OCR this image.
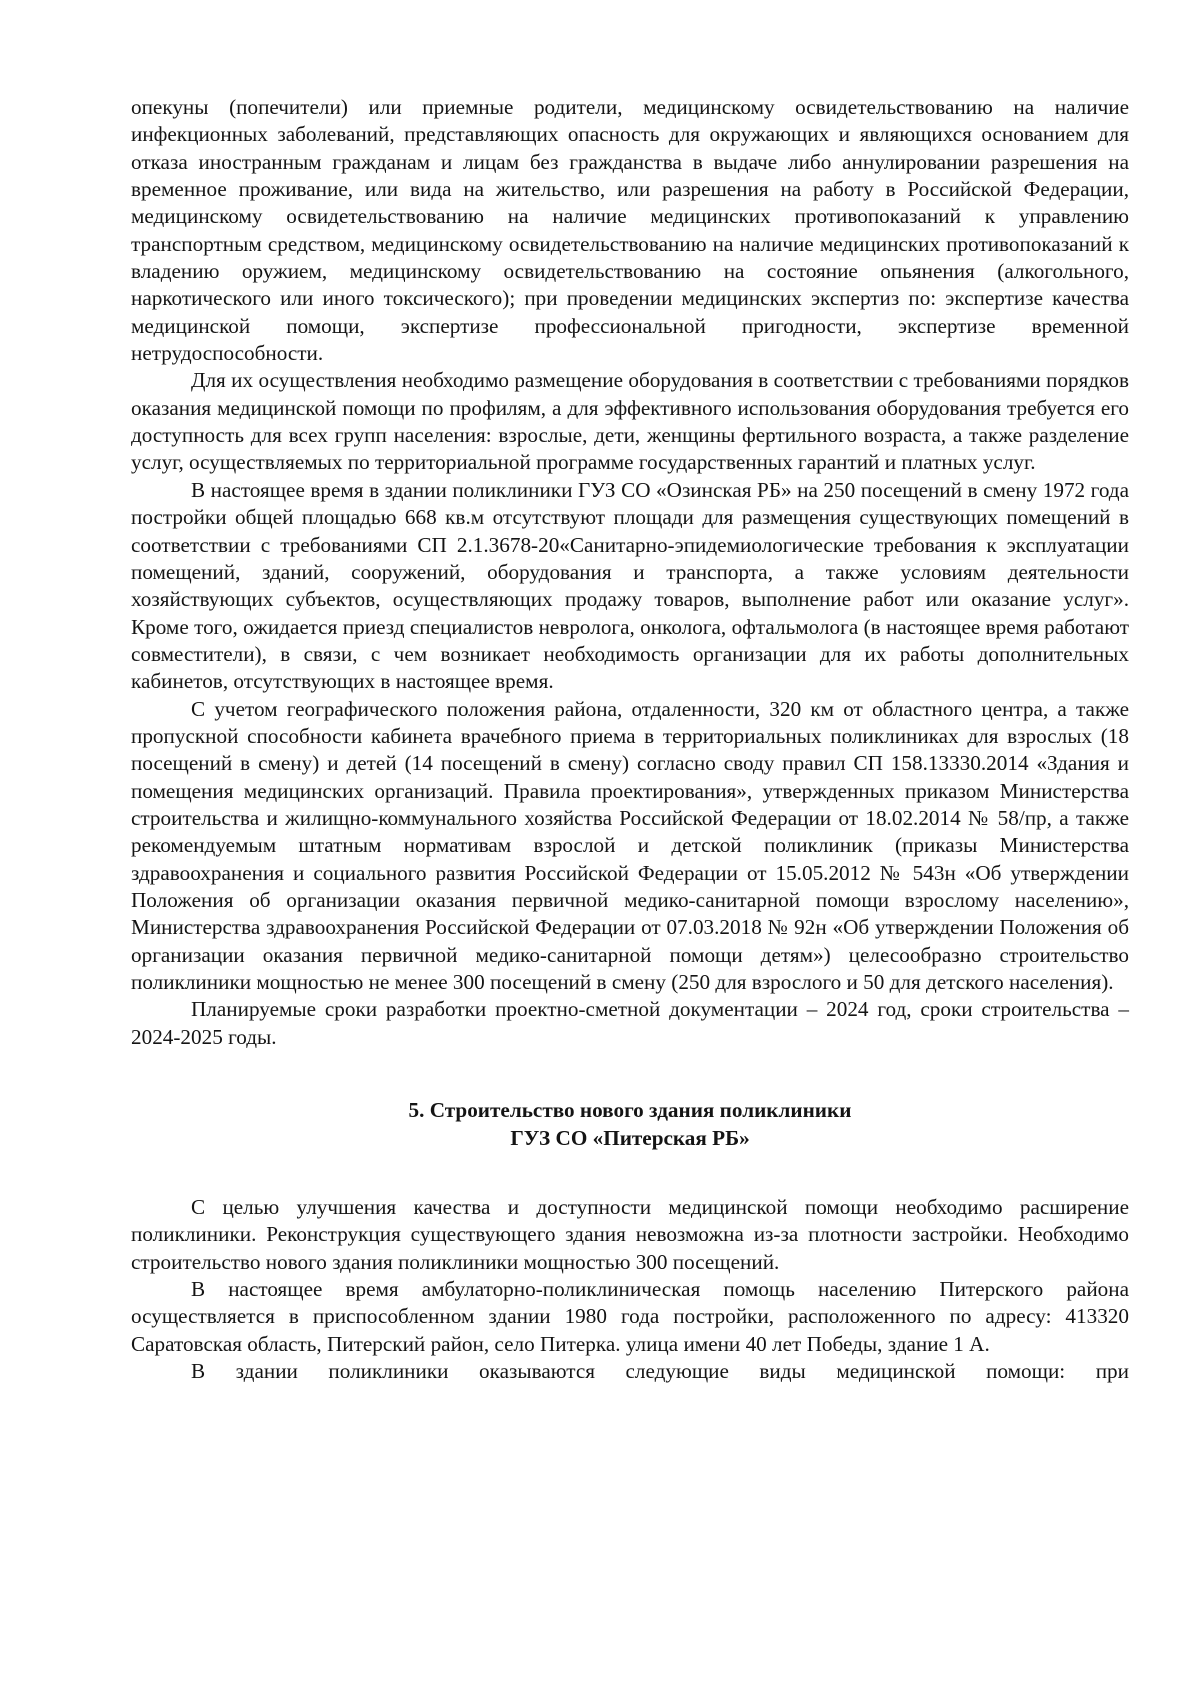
опекуны (попечители) или приемные родители, медицинскому освидетельствованию на наличие инфекционных заболеваний, представляющих опасность для окружающих и являющихся основанием для отказа иностранным гражданам и лицам без гражданства в выдаче либо аннулировании разрешения на временное проживание, или вида на жительство, или разрешения на работу в Российской Федерации, медицинскому освидетельствованию на наличие медицинских противопоказаний к управлению транспортным средством, медицинскому освидетельствованию на наличие медицинских противопоказаний к владению оружием, медицинскому освидетельствованию на состояние опьянения (алкогольного, наркотического или иного токсического); при проведении медицинских экспертиз по: экспертизе качества медицинской помощи, экспертизе профессиональной пригодности, экспертизе временной нетрудоспособности.

Для их осуществления необходимо размещение оборудования в соответствии с требованиями порядков оказания медицинской помощи по профилям, а для эффективного использования оборудования требуется его доступность для всех групп населения: взрослые, дети, женщины фертильного возраста, а также разделение услуг, осуществляемых по территориальной программе государственных гарантий и платных услуг.

В настоящее время в здании поликлиники ГУЗ СО «Озинская РБ» на 250 посещений в смену 1972 года постройки общей площадью 668 кв.м отсутствуют площади для размещения существующих помещений в соответствии с требованиями СП 2.1.3678-20«Санитарно-эпидемиологические требования к эксплуатации помещений, зданий, сооружений, оборудования и транспорта, а также условиям деятельности хозяйствующих субъектов, осуществляющих продажу товаров, выполнение работ или оказание услуг». Кроме того, ожидается приезд специалистов невролога, онколога, офтальмолога (в настоящее время работают совместители), в связи, с чем возникает необходимость организации для их работы дополнительных кабинетов, отсутствующих в настоящее время.

С учетом географического положения района, отдаленности, 320 км от областного центра, а также пропускной способности кабинета врачебного приема в территориальных поликлиниках для взрослых (18 посещений в смену) и детей (14 посещений в смену) согласно своду правил СП 158.13330.2014 «Здания и помещения медицинских организаций. Правила проектирования», утвержденных приказом Министерства строительства и жилищно-коммунального хозяйства Российской Федерации от 18.02.2014 № 58/пр, а также рекомендуемым штатным нормативам взрослой и детской поликлиник (приказы Министерства здравоохранения и социального развития Российской Федерации от 15.05.2012 № 543н «Об утверждении Положения об организации оказания первичной медико-санитарной помощи взрослому населению», Министерства здравоохранения Российской Федерации от 07.03.2018 № 92н «Об утверждении Положения об организации оказания первичной медико-санитарной помощи детям») целесообразно строительство поликлиники мощностью не менее 300 посещений в смену (250 для взрослого и 50 для детского населения).

Планируемые сроки разработки проектно-сметной документации – 2024 год, сроки строительства – 2024-2025 годы.

5. Строительство нового здания поликлиники
ГУЗ СО «Питерская РБ»

С целью улучшения качества и доступности медицинской помощи необходимо расширение поликлиники. Реконструкция существующего здания невозможна из-за плотности застройки. Необходимо строительство нового здания поликлиники мощностью 300 посещений.

В настоящее время амбулаторно-поликлиническая помощь населению Питерского района осуществляется в приспособленном здании 1980 года постройки, расположенного по адресу: 413320 Саратовская область, Питерский район, село Питерка. улица имени 40 лет Победы, здание 1 А.

В здании поликлиники оказываются следующие виды медицинской помощи: при
